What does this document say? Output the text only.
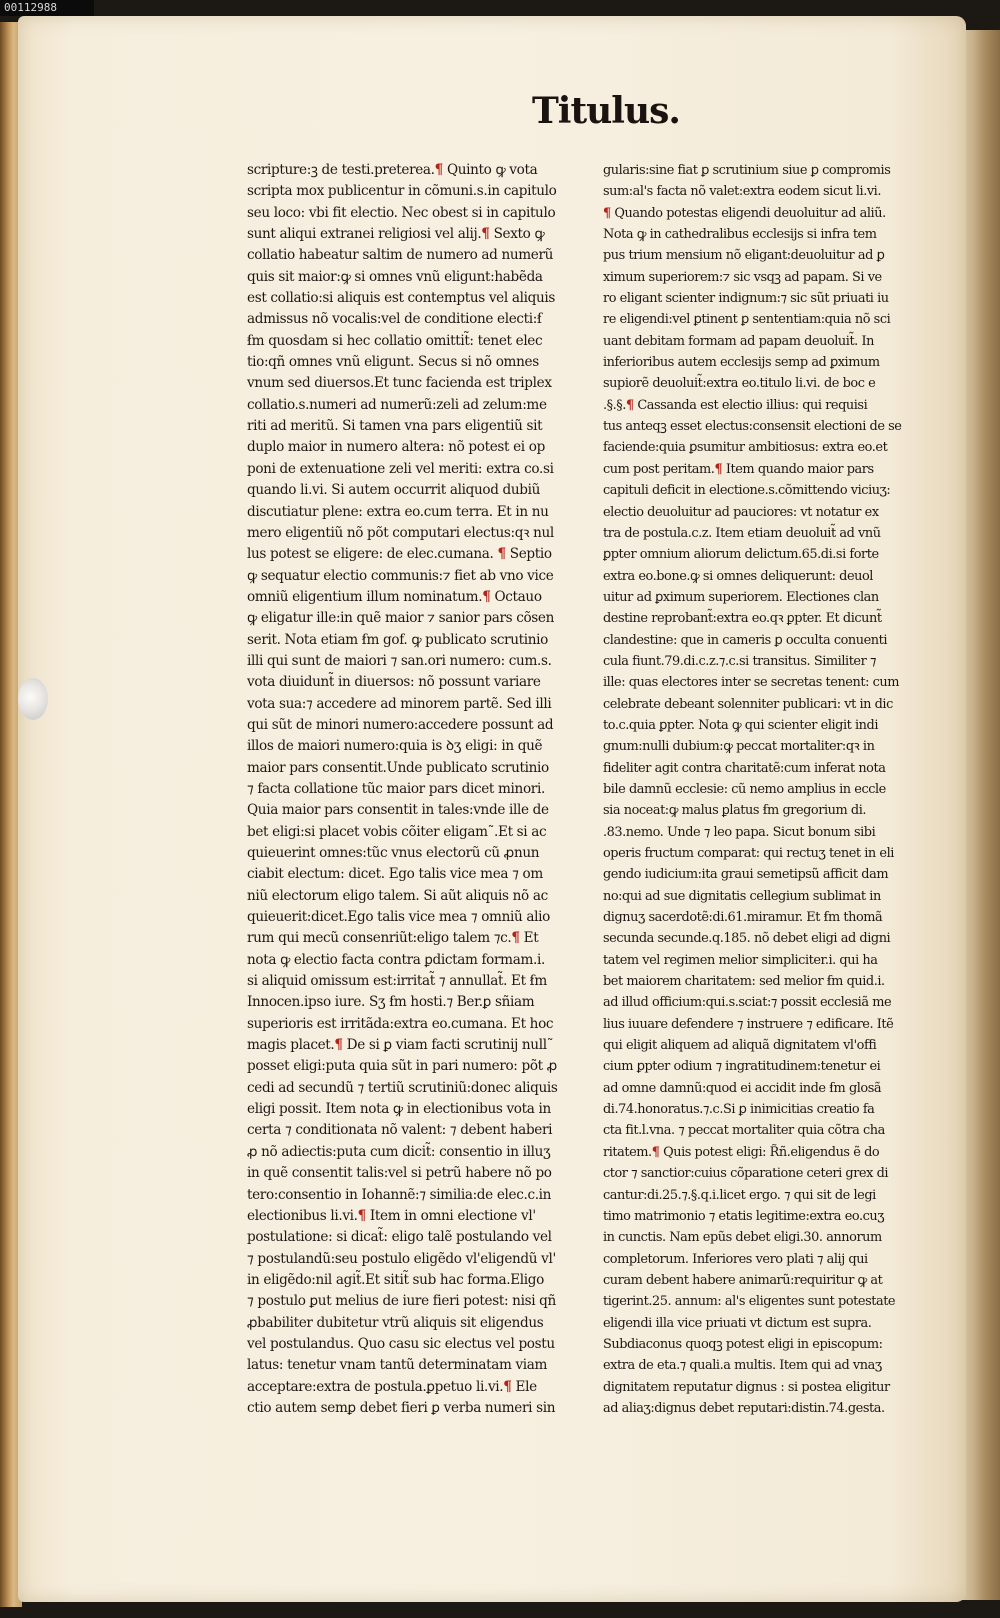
00112988
Titulus.
scripture:ꝫ de testi.preterea.¶ Quinto ꝙ vota
scripta mox publicentur in cõmuni.s.in capitulo
seu loco: vbi fit electio. Nec obest si in capitulo
sunt aliqui extranei religiosi vel alij.¶ Sexto ꝙ
collatio habeatur saltim de numero ad numerũ
quis sit maior:ꝙ si omnes vnũ eligunt:habẽda
est collatio:si aliquis est contemptus vel aliquis
admissus nõ vocalis:vel de conditione electi:ẜ
ẜm quosdam si hec collatio omittit̃: tenet elec
tio:qñ omnes vnũ eligunt. Secus si nõ omnes
vnum sed diuersos.Et tunc facienda est triplex
collatio.s.numeri ad numerũ:zeli ad zelum:me
riti ad meritũ. Si tamen vna pars eligentiũ sit
duplo maior in numero altera: nõ potest ei op
poni de extenuatione zeli vel meriti: extra co.si
quando li.vi. Si autem occurrit aliquod dubiũ
discutiatur plene: extra eo.cum terra. Et in nu
mero eligentiũ nõ põt computari electus:qꝛ nul
lus potest se eligere: de elec.cumana. ¶ Septio
ꝙ sequatur electio communis:⁊ fiet ab vno vice
omniũ eligentium illum nominatum.¶ Octauo
ꝙ eligatur ille:in quẽ maior ⁊ sanior pars cõsen
serit. Nota etiam ẜm gof. ꝙ publicato scrutinio
illi qui sunt de maiori ⁊ san.ori numero: cum.s.
vota diuidunt̃ in diuersos: nõ possunt variare
vota sua:⁊ accedere ad minorem partẽ. Sed illi
qui sũt de minori numero:accedere possunt ad
illos de maiori numero:quia is ꝺʒ eligi: in quẽ
maior pars consentit.Unde publicato scrutinio
⁊ facta collatione tũc maior pars dicet minori.
Quia maior pars consentit in tales:vnde ille de
bet eligi:si placet vobis cõiter eligam˜.Et si ac
quieuerint omnes:tũc vnus electorũ cũ ꝓnun
ciabit electum: dicet. Ego talis vice mea ⁊ om
niũ electorum eligo talem. Si aũt aliquis nõ ac
quieuerit:dicet.Ego talis vice mea ⁊ omniũ alio
rum qui mecũ consenriũt:eligo talem ⁊c.¶ Et
nota ꝙ electio facta contra ꝑdictam formam.i.
si aliquid omissum est:irritat̃ ⁊ annullat̃. Et ẜm
Innocen.ipso iure. Sʒ ẜm hosti.⁊ Ber.ꝑ sñiam
superioris est irritãda:extra eo.cumana. Et hoc
magis placet.¶ De si ꝑ viam facti scrutinij null˜
posset eligi:puta quia sũt in pari numero: põt ꝓ
cedi ad secundũ ⁊ tertiũ scrutiniũ:donec aliquis
eligi possit. Item nota ꝙ in electionibus vota in
certa ⁊ conditionata nõ valent: ⁊ debent haberi
ꝓ nõ adiectis:puta cum dicit̃: consentio in illuʒ
in quẽ consentit talis:vel si petrũ habere nõ po
tero:consentio in Iohannẽ:⁊ similia:de elec.c.in
electionibus li.vi.¶ Item in omni electione vl'
postulatione: si dicat̃: eligo talẽ postulando vel
⁊ postulandũ:seu postulo eligẽdo vl'eligendũ vl'
in eligẽdo:nil agit̃.Et sitit̃ sub hac forma.Eligo
⁊ postulo ꝑut melius de iure fieri potest: nisi qñ
ꝓbabiliter dubitetur vtrũ aliquis sit eligendus
vel postulandus. Quo casu sic electus vel postu
latus: tenetur vnam tantũ determinatam viam
acceptare:extra de postula.ꝑpetuo li.vi.¶ Ele
ctio autem semꝑ debet fieri ꝑ verba numeri sin
gularis:sine fiat ꝑ scrutinium siue ꝑ compromis
sum:al's facta nõ valet:extra eodem sicut li.vi.
¶ Quando potestas eligendi deuoluitur ad aliũ.
Nota ꝙ in cathedralibus ecclesijs si infra tem
pus trium mensium nõ eligant:deuoluitur ad ꝑ
ximum superiorem:⁊ sic vsqꝫ ad papam. Si ve
ro eligant scienter indignum:⁊ sic sũt priuati iu
re eligendi:vel ꝑtinent ꝑ sententiam:quia nõ sci
uant debitam formam ad papam deuoluit̃. In
inferioribus autem ecclesijs semp ad ꝑximum
supiorẽ deuoluit̃:extra eo.titulo li.vi. de boc e
.§.§.¶ Cassanda est electio illius: qui requisi
tus anteqꝫ esset electus:consensit electioni de se
faciende:quia ꝑsumitur ambitiosus: extra eo.et
cum post peritam.¶ Item quando maior pars
capituli deficit in electione.s.cõmittendo viciuʒ:
electio deuoluitur ad pauciores: vt notatur ex
tra de postula.c.z. Item etiam deuoluit̃ ad vnũ
ꝑpter omnium aliorum delictum.65.di.si forte
extra eo.bone.ꝙ si omnes deliquerunt: deuol
uitur ad ꝑximum superiorem. Electiones clan
destine reprobant̃:extra eo.qꝛ ꝑpter. Et dicunt̃
clandestine: que in cameris ꝑ occulta conuenti
cula fiunt.79.di.c.z.⁊.c.si transitus. Similiter ⁊
ille: quas electores inter se secretas tenent: cum
celebrate debeant solenniter publicari: vt in dic
to.c.quia ꝑpter. Nota ꝙ qui scienter eligit indi
gnum:nulli dubium:ꝙ peccat mortaliter:qꝛ in
fideliter agit contra charitatẽ:cum inferat nota
bile damnũ ecclesie: cũ nemo amplius in eccle
sia noceat:ꝙ malus ꝑlatus ẜm gregorium di.
.83.nemo. Unde ⁊ leo papa. Sicut bonum sibi
operis fructum comparat: qui rectuʒ tenet in eli
gendo iudicium:ita graui semetipsũ afficit dam
no:qui ad sue dignitatis cellegium sublimat in
dignuʒ sacerdotẽ:di.61.miramur. Et ẜm thomã
secunda secunde.q.185. nõ debet eligi ad digni
tatem vel regimen melior simpliciter.i. qui ha
bet maiorem charitatem: sed melior ẜm quid.i.
ad illud officium:qui.s.sciat:⁊ possit ecclesiã me
lius iuuare defendere ⁊ instruere ⁊ edificare. Itẽ
qui eligit aliquem ad aliquã dignitatem vl'offi
cium ꝑpter odium ⁊ ingratitudinem:tenetur ei
ad omne damnũ:quod ei accidit inde ẜm glosã
di.74.honoratus.⁊.c.Si ꝑ inimicitias creatio fa
cta fit.l.vna. ⁊ peccat mortaliter quia cõtra cha
ritatem.¶ Quis potest eligi: R̃ñ.eligendus ẽ do
ctor ⁊ sanctior:cuius cõparatione ceteri grex di
cantur:di.25.⁊.§.q.i.licet ergo. ⁊ qui sit de legi
timo matrimonio ⁊ etatis legitime:extra eo.cuʒ
in cunctis. Nam epũs debet eligi.30. annorum
completorum. Inferiores vero plati ⁊ alij qui
curam debent habere animarũ:requiritur ꝙ at
tigerint.25. annum: al's eligentes sunt potestate
eligendi illa vice priuati vt dictum est supra.
Subdiaconus quoqꝫ potest eligi in episcopum:
extra de eta.⁊ quali.a multis. Item qui ad vnaʒ
dignitatem reputatur dignus : si postea eligitur
ad aliaʒ:dignus debet reputari:distin.74.gesta.
